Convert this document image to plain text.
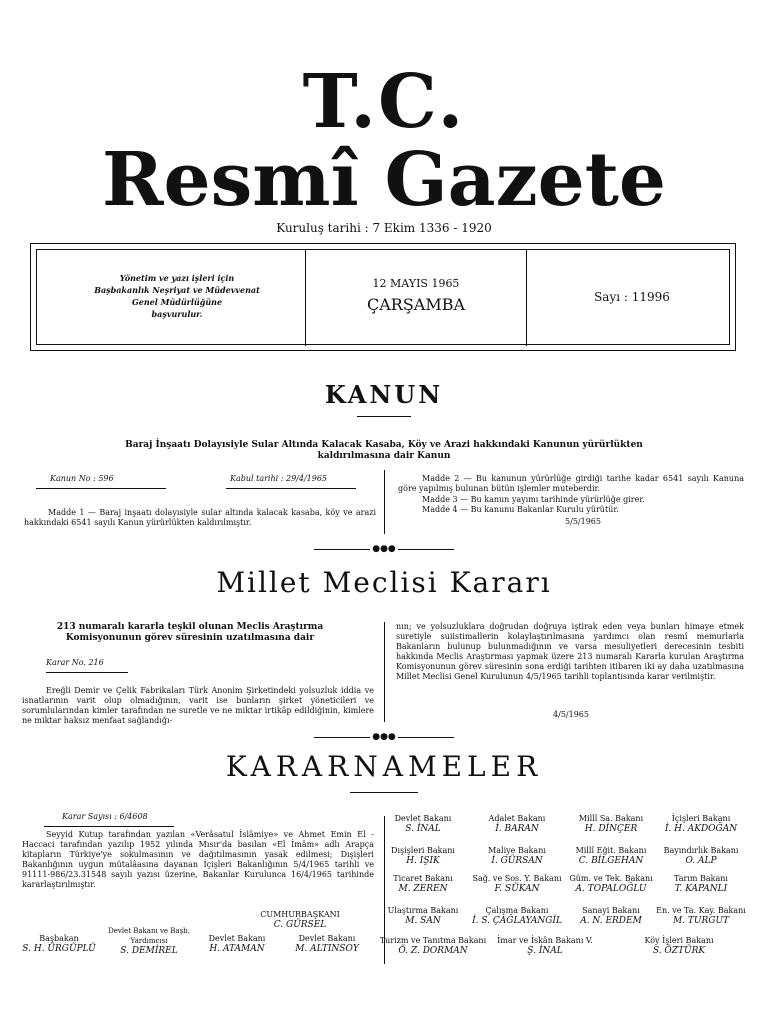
T.C.
Resmî Gazete
Kuruluş tarihi : 7 Ekim 1336 - 1920
Yönetim ve yazı işleri için
Başbakanlık Neşriyat ve Müdevvenat
Genel Müdürlüğüne
başvurulur.
12 MAYIS 1965
ÇARŞAMBA	Sayı : 11996
KANUN
Baraj İnşaatı Dolayısiyle Sular Altında Kalacak Kasaba, Köy ve Arazi hakkındaki Kanunun yürürlükten
kaldırılmasına dair Kanun
Kanun No : 596	Kabul tarihi : 29/4/1965
Madde 1 — Baraj inşaatı dolayısiyle sular altında kalacak kasaba, köy ve arazi hakkındaki 6541 sayılı Kanun yürürlükten kaldırılmıştır.
Madde 2 — Bu kanunun yürürlüğe girdiği tarihe kadar 6541 sayılı Kanuna göre yapılmış bulunan bütün işlemler muteberdir.
Madde 3 — Bu kanun yayımı tarihinde yürürlüğe girer.
Madde 4 — Bu kanunu Bakanlar Kurulu yürütür.
5/5/1965
●●●
Millet Meclisi Kararı
213 numaralı kararla teşkil olunan Meclis Araştırma
Komisyonunun görev süresinin uzatılmasına dair
Karar No. 216
Ereğli Demir ve Çelik Fabrikaları Türk Anonim Şirketindeki yolsuzluk iddia ve isnatlarının varit olup olmadığının, varit ise bunların şirket yöneticileri ve sorumlularından kimler tarafından ne suretle ve ne miktar irtikâp edildiğinin, kimlere ne miktar haksız menfaat sağlandığı-
nın; ve yolsuzluklara doğrudan doğruya iştirak eden veya bunları himaye etmek suretiyle suiistimallerin kolaylaştırılmasına yardımcı olan resmî memurlarla Bakanların bulunup bulunmadığının ve varsa mesuliyetleri derecesinin tesbiti hakkında Meclis Araştırması yapmak üzere 213 numaralı Kararla kurulan Araştırma Komisyonunun görev süresinin sona erdiği tarihten itibaren iki ay daha uzatılmasına Millet Meclisi Genel Kurulunun 4/5/1965 tarihli toplantısında karar verilmiştir.
4/5/1965
●●●
KARARNAMELER
Karar Sayısı : 6/4608
Seyyid Kutup tarafından yazılan «Verâsatul İslâmiye» ve Ahmet Emin El - Haccaci tarafından yazılıp 1952 yılında Mısır'da basılan «El İmâm» adlı Arapça kitapların Türkiye'ye sokulmasının ve dağıtılmasının yasak edilmesi; Dışişleri Bakanlığının uygun mütalâasına dayanan İçişleri Bakanlığının 5/4/1965 tarihli ve 91111-986/23.31548 sayılı yazısı üzerine, Bakanlar Kurulunca 16/4/1965 tarihinde kararlaştırılmıştır.
CUMHURBAŞKANI
C. GÜRSEL
Başbakan
S. H. ÜRGÜPLÜ
Devlet Bakanı ve Başb. Yardımcısı
S. DEMİREL
Devlet Bakanı
H. ATAMAN
Devlet Bakanı
M. ALTINSOY
Devlet Bakanı
S. İNAL
Adalet Bakanı
İ. BARAN
Millî Sa. Bakanı
H. DİNÇER
İçişleri Bakanı
İ. H. AKDOĞAN
Dışişleri Bakanı
H. IŞIK
Maliye Bakanı
İ. GÜRSAN
Millî Eğit. Bakanı
C. BİLGEHAN
Bayındırlık Bakanı
O. ALP
Ticaret Bakanı
M. ZEREN
Sağ. ve Sos. Y. Bakanı
F. SÜKAN
Güm. ve Tek. Bakanı
A. TOPALOĞLU
Tarım Bakanı
T. KAPANLI
Ulaştırma Bakanı
M. SAN
Çalışma Bakanı
İ. S. ÇAĞLAYANGİL
Sanayi Bakanı
A. N. ERDEM
En. ve Ta. Kay. Bakanı
M. TURGUT
Turizm ve Tanıtma Bakanı
Ö. Z. DORMAN
İmar ve İskân Bakanı V.
Ş. İNAL
Köy İşleri Bakanı
S. ÖZTÜRK
